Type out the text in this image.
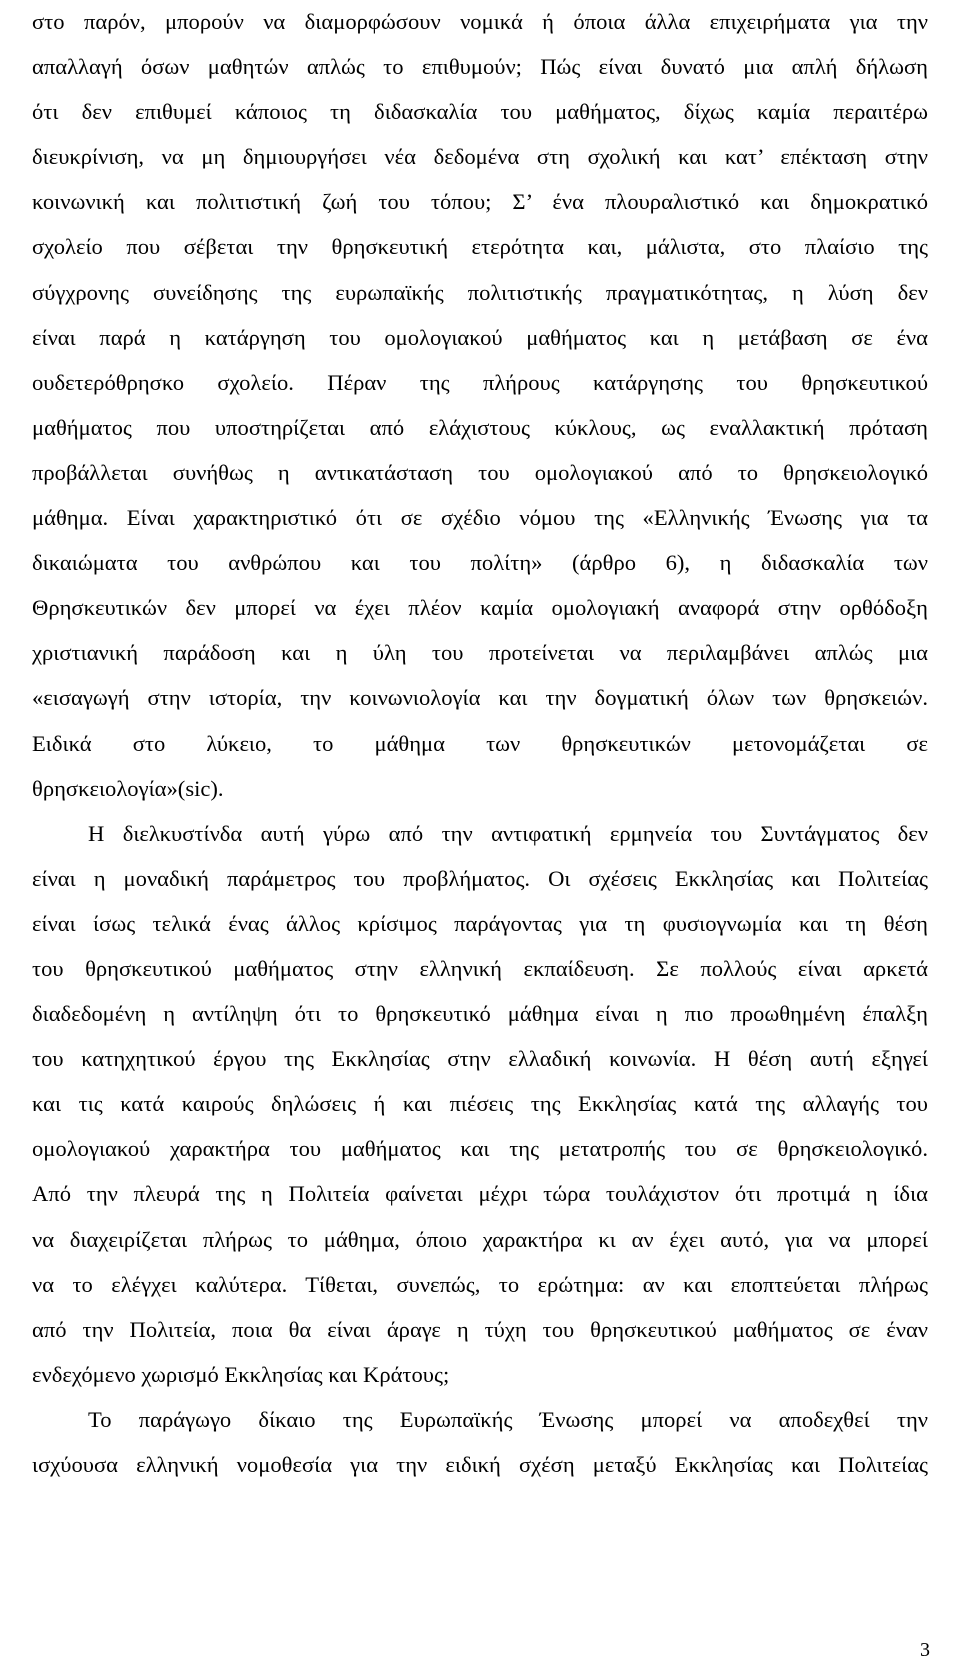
στο παρόν, μπορούν να διαμορφώσουν νομικά ή όποια άλλα επιχειρήματα για την
απαλλαγή όσων μαθητών απλώς το επιθυμούν; Πώς είναι δυνατό μια απλή δήλωση
ότι δεν επιθυμεί κάποιος τη διδασκαλία του μαθήματος, δίχως καμία περαιτέρω
διευκρίνιση, να μη δημιουργήσει νέα δεδομένα στη σχολική και κατ’ επέκταση στην
κοινωνική και πολιτιστική ζωή του τόπου; Σ’ ένα πλουραλιστικό και δημοκρατικό
σχολείο που σέβεται την θρησκευτική ετερότητα και, μάλιστα, στο πλαίσιο της
σύγχρονης συνείδησης της ευρωπαϊκής πολιτιστικής πραγματικότητας, η λύση δεν
είναι παρά η κατάργηση του ομολογιακού μαθήματος και η μετάβαση σε ένα
ουδετερόθρησκο σχολείο. Πέραν της πλήρους κατάργησης του θρησκευτικού
μαθήματος που υποστηρίζεται από ελάχιστους κύκλους, ως εναλλακτική πρόταση
προβάλλεται συνήθως η αντικατάσταση του ομολογιακού από το θρησκειολογικό
μάθημα. Είναι χαρακτηριστικό ότι σε σχέδιο νόμου της «Ελληνικής Ένωσης για τα
δικαιώματα του ανθρώπου και του πολίτη» (άρθρο 6), η διδασκαλία των
Θρησκευτικών δεν μπορεί να έχει πλέον καμία ομολογιακή αναφορά στην ορθόδοξη
χριστιανική παράδοση και η ύλη του προτείνεται να περιλαμβάνει απλώς μια
«εισαγωγή στην ιστορία, την κοινωνιολογία και την δογματική όλων των θρησκειών.
Ειδικά στο λύκειο, το μάθημα των θρησκευτικών μετονομάζεται σε
θρησκειολογία»(sic).
Η διελκυστίνδα αυτή γύρω από την αντιφατική ερμηνεία του Συντάγματος δεν
είναι η μοναδική παράμετρος του προβλήματος. Οι σχέσεις Εκκλησίας και Πολιτείας
είναι ίσως τελικά ένας άλλος κρίσιμος παράγοντας για τη φυσιογνωμία και τη θέση
του θρησκευτικού μαθήματος στην ελληνική εκπαίδευση. Σε πολλούς είναι αρκετά
διαδεδομένη η αντίληψη ότι το θρησκευτικό μάθημα είναι η πιο προωθημένη έπαλξη
του κατηχητικού έργου της Εκκλησίας στην ελλαδική κοινωνία. Η θέση αυτή εξηγεί
και τις κατά καιρούς δηλώσεις ή και πιέσεις της Εκκλησίας κατά της αλλαγής του
ομολογιακού χαρακτήρα του μαθήματος και της μετατροπής του σε θρησκειολογικό.
Από την πλευρά της η Πολιτεία φαίνεται μέχρι τώρα τουλάχιστον ότι προτιμά η ίδια
να διαχειρίζεται πλήρως το μάθημα, όποιο χαρακτήρα κι αν έχει αυτό, για να μπορεί
να το ελέγχει καλύτερα. Τίθεται, συνεπώς, το ερώτημα: αν και εποπτεύεται πλήρως
από την Πολιτεία, ποια θα είναι άραγε η τύχη του θρησκευτικού μαθήματος σε έναν
ενδεχόμενο χωρισμό Εκκλησίας και Κράτους;
Το παράγωγο δίκαιο της Ευρωπαϊκής Ένωσης μπορεί να αποδεχθεί την
ισχύουσα ελληνική νομοθεσία για την ειδική σχέση μεταξύ Εκκλησίας και Πολιτείας
3
